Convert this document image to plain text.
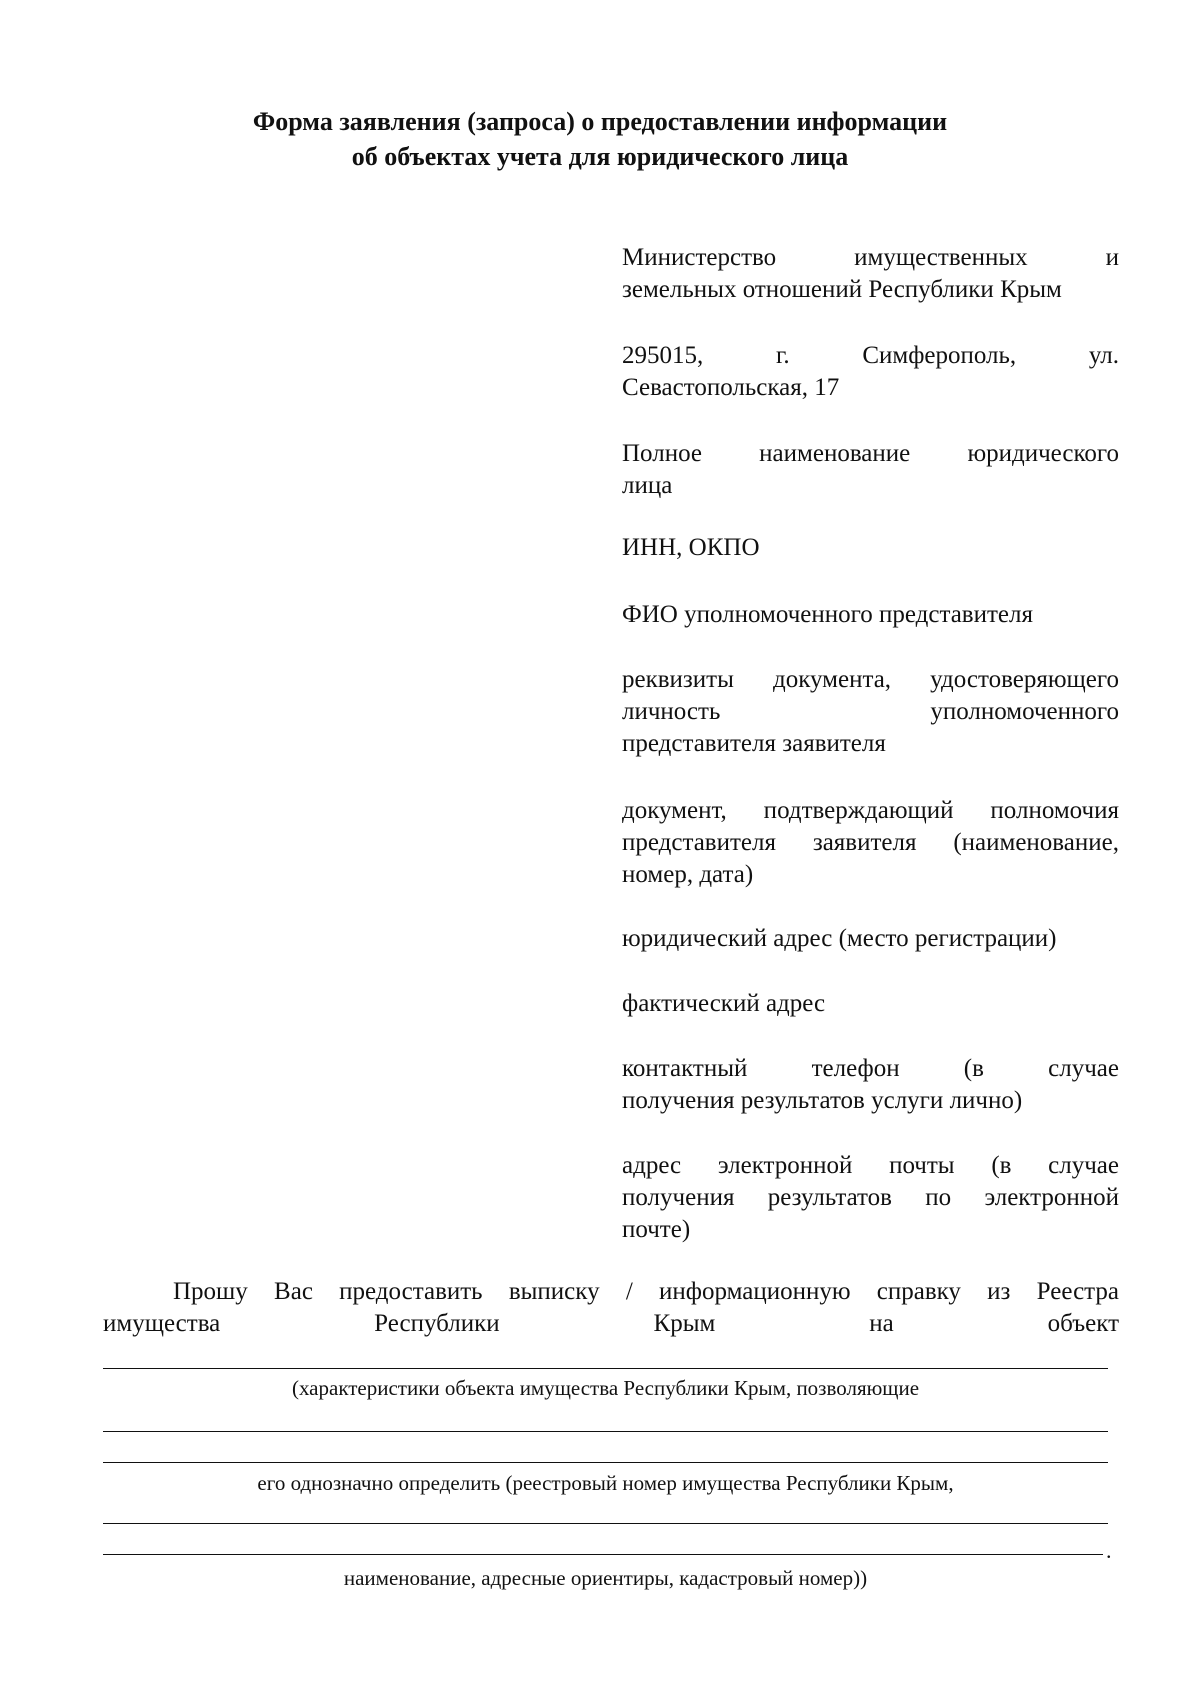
Форма заявления (запроса) о предоставлении информации
об объектах учета для юридического лица
Министерство имущественных и
земельных отношений Республики Крым
295015, г. Симферополь, ул.
Севастопольская, 17
Полное наименование юридического
лица
ИНН, ОКПО
ФИО уполномоченного представителя
реквизиты документа, удостоверяющего
личность уполномоченного
представителя заявителя
документ, подтверждающий полномочия
представителя заявителя (наименование,
номер, дата)
юридический адрес (место регистрации)
фактический адрес
контактный телефон (в случае
получения результатов услуги лично)
адрес электронной почты (в случае
получения результатов по электронной
почте)
Прошу Вас предоставить выписку / информационную справку из Реестра
имущества Республики Крым на объект
(характеристики объекта имущества Республики Крым, позволяющие
его однозначно определить (реестровый номер имущества Республики Крым,
.
наименование, адресные ориентиры, кадастровый номер))
